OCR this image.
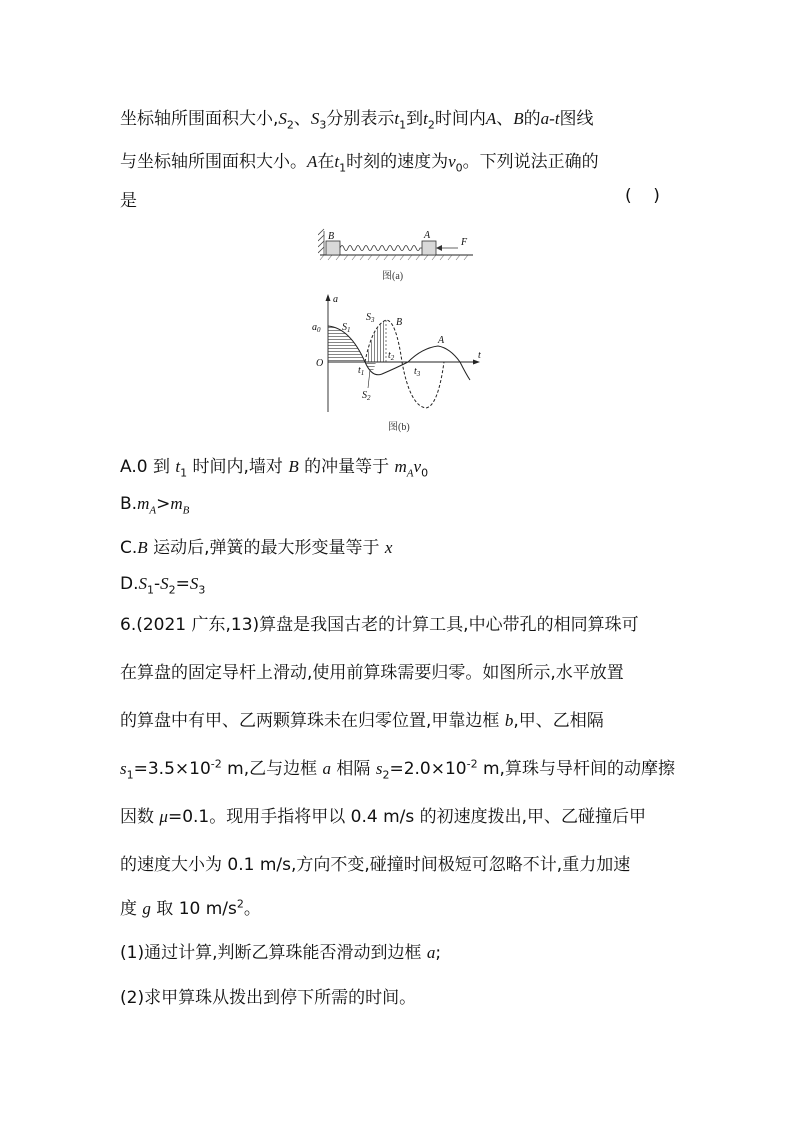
坐标轴所围面积大小$,S_2$、$S_3$分别表示$t_1$到$t_2$时间内A、B的a-t图线
与坐标轴所围面积大小。A在$t_1$时刻的速度为$v_0$。下列说法正确的
是	(    )
B	A
F
图(a)
a
t
O
$a_0$ $S_1$
$S_3$ B
A
$t_1$
$t_2$
$t_3$
$S_2$
图(b)
A.0 到 $t_1$ 时间内,墙对 B 的冲量等于 $m_Av_0$
$B.m_A>m_B$
C.B 运动后,弹簧的最大形变量等于 x
$D.S_1-S_2=S_3$
6.(2021 广东,13)算盘是我国古老的计算工具,中心带孔的相同算珠可
在算盘的固定导杆上滑动,使用前算珠需要归零。如图所示,水平放置
的算盘中有甲、乙两颗算珠未在归零位置,甲靠边框 b,甲、乙相隔
$s_1=3.5\times 10^{-2}$ m,乙与边框 a 相隔 $s_2=2.0\times 10^{-2}$ m,算珠与导杆间的动摩擦
因数 μ=0.1。现用手指将甲以 0.4 m/s 的初速度拨出,甲、乙碰撞后甲
的速度大小为 0.1 m/s,方向不变,碰撞时间极短可忽略不计,重力加速
度 g 取 10 $m/s^2$。
(1)通过计算,判断乙算珠能否滑动到边框 a;
(2)求甲算珠从拨出到停下所需的时间。
